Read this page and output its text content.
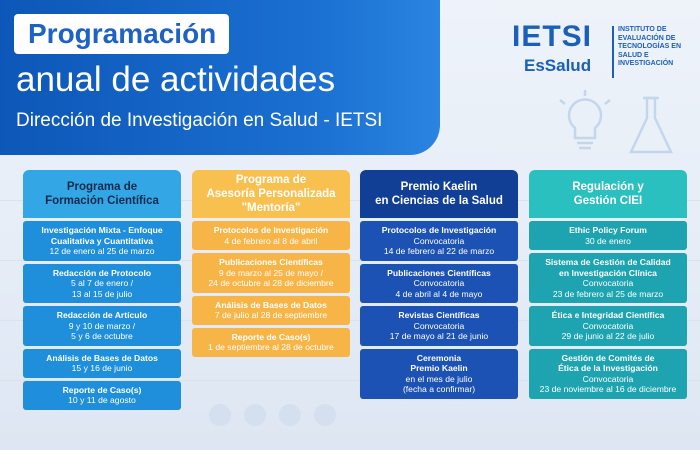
Programación
anual de actividades
Dirección de Investigación en Salud - IETSI
IETSI
EsSalud
INSTITUTO DE
EVALUACIÓN DE
TECNOLOGÍAS EN
SALUD E
INVESTIGACIÓN
Programa de
Formación Científica
Investigación Mixta - Enfoque
Cualitativa y Cuantitativa
12 de enero al 25 de marzo
Redacción de Protocolo
5 al 7 de enero /
13 al 15 de julio
Redacción de Artículo
9 y 10 de marzo /
5 y 6 de octubre
Análisis de Bases de Datos
15 y 16 de junio
Reporte de Caso(s)
10 y 11 de agosto
Programa de
Asesoría Personalizada
"Mentoría"
Protocolos de Investigación
4 de febrero al 8 de abril
Publicaciones Científicas
9 de marzo al 25 de mayo /
24 de octubre al 28 de diciembre
Análisis de Bases de Datos
7 de julio al 28 de septiembre
Reporte de Caso(s)
1 de septiembre al 28 de octubre
Premio Kaelin
en Ciencias de la Salud
Protocolos de Investigación
Convocatoria
14 de febrero al 22 de marzo
Publicaciones Científicas
Convocatoria
4 de abril al 4 de mayo
Revistas Científicas
Convocatoria
17 de mayo al 21 de junio
Ceremonia
Premio Kaelin
en el mes de julio
(fecha a confirmar)
Regulación y
Gestión CIEI
Ethic Policy Forum
30 de enero
Sistema de Gestión de Calidad
en Investigación Clínica
Convocatoria
23 de febrero al 25 de marzo
Ética e Integridad Científica
Convocatoria
29 de junio al 22 de julio
Gestión de Comités de
Ética de la Investigación
Convocatoria
23 de noviembre al 16 de diciembre
